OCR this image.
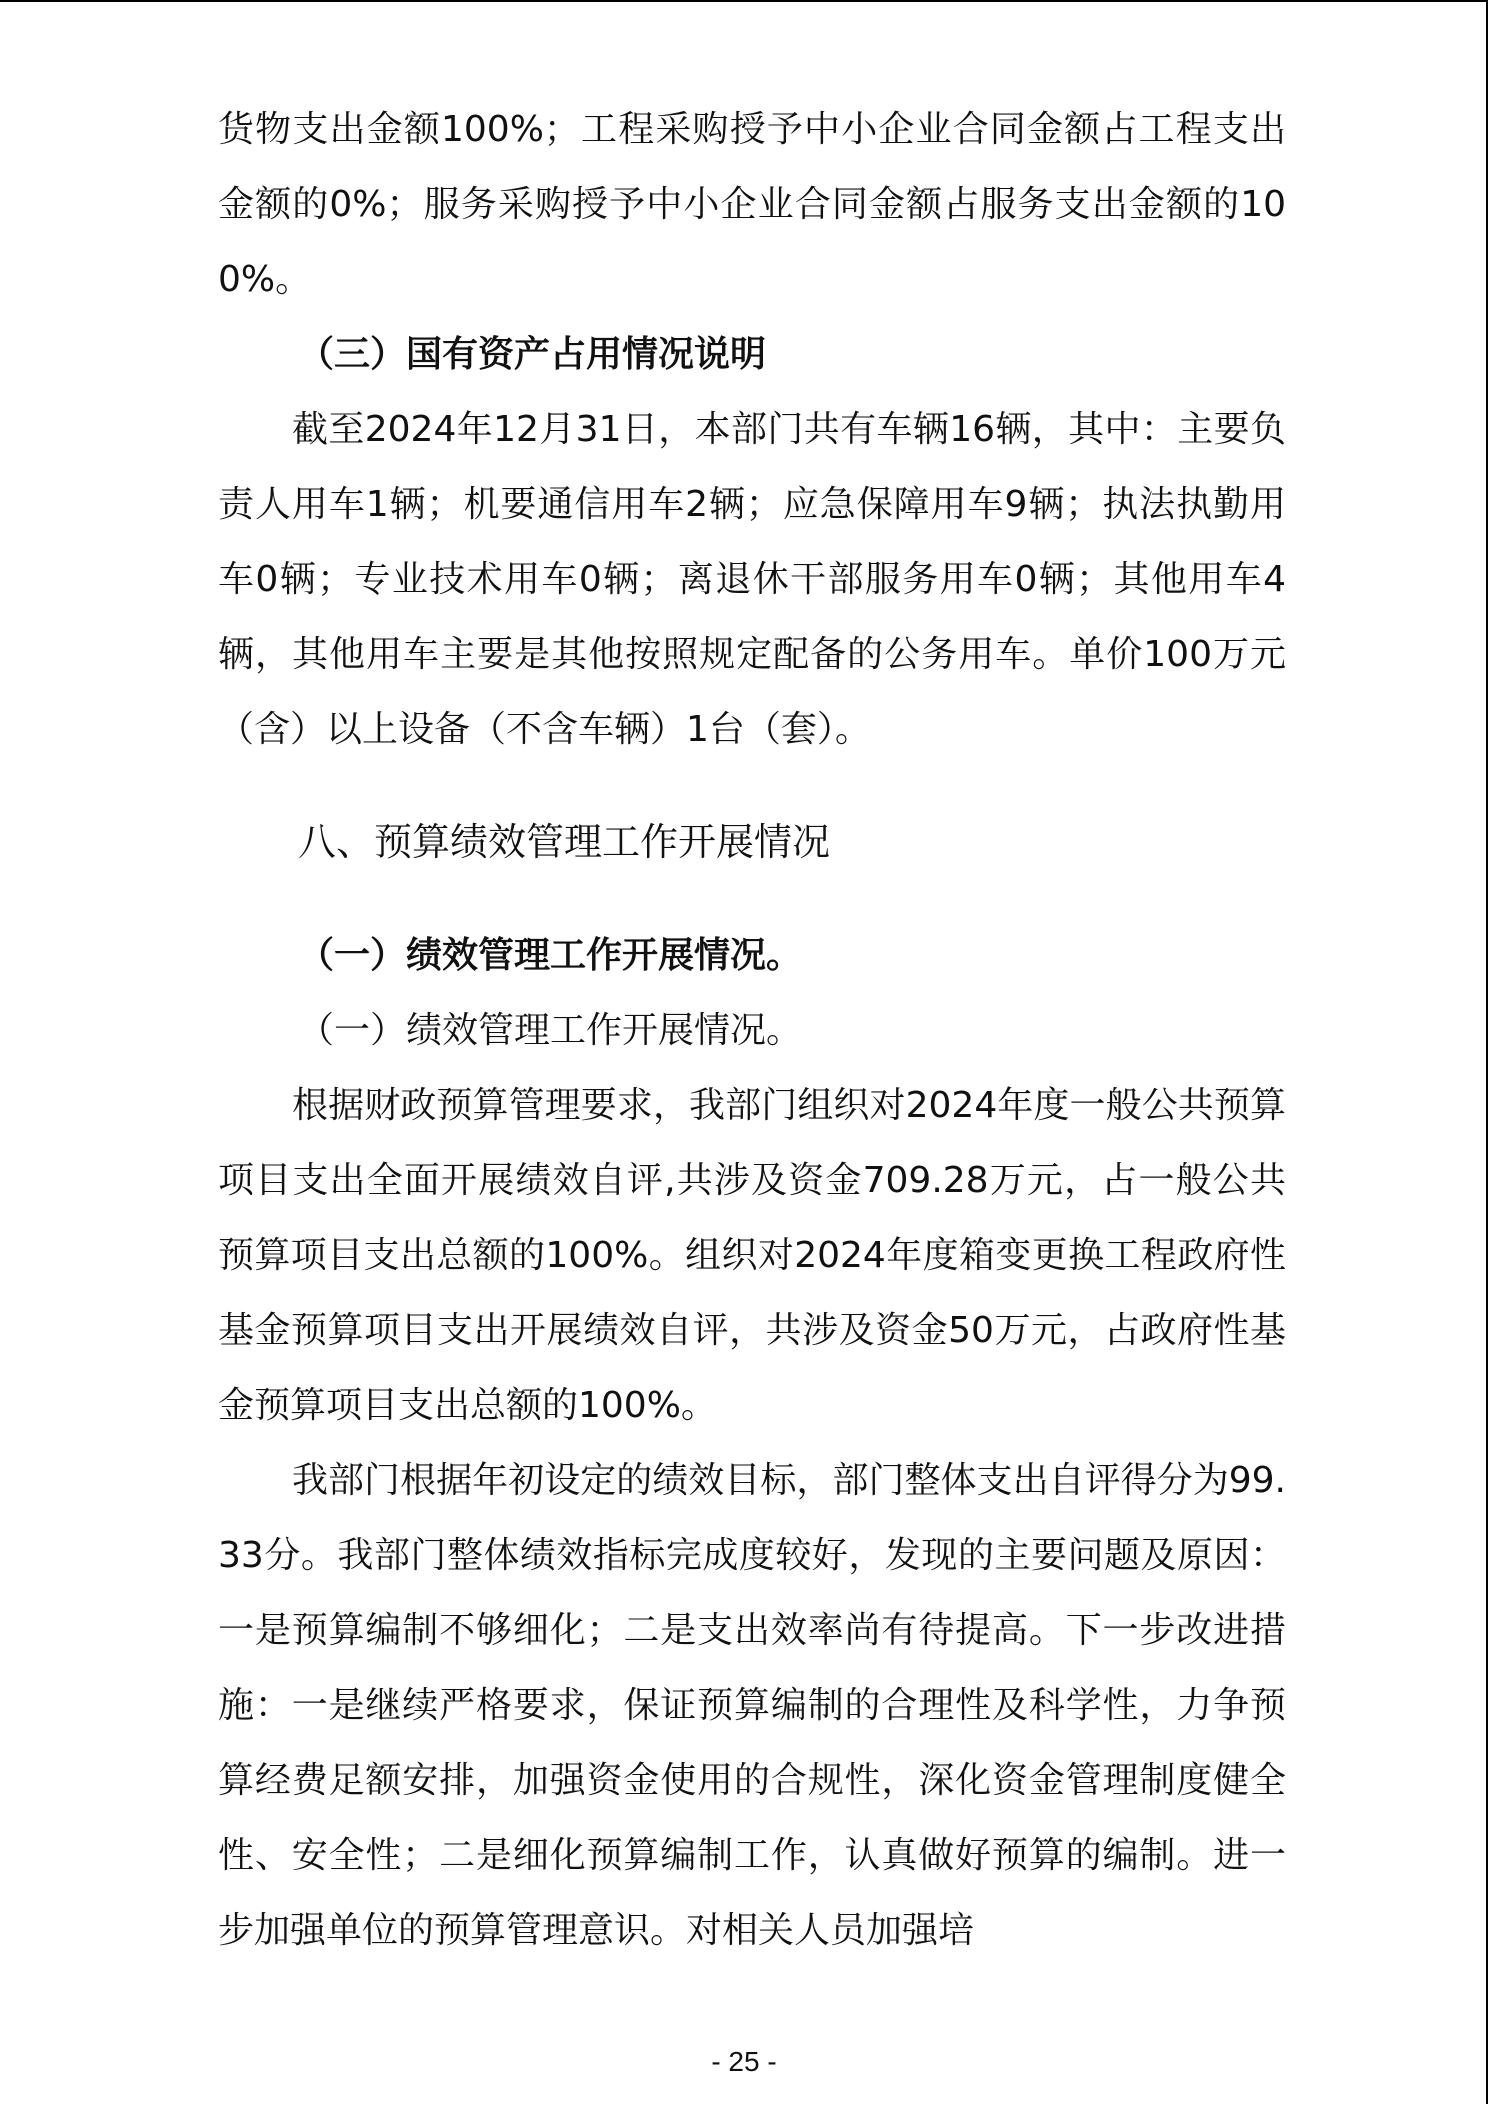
货物支出金额100%；工程采购授予中小企业合同金额占工程支出金额的0%；服务采购授予中小企业合同金额占服务支出金额的100%。

（三）国有资产占用情况说明

截至2024年12月31日，本部门共有车辆16辆，其中：主要负责人用车1辆；机要通信用车2辆；应急保障用车9辆；执法执勤用车0辆；专业技术用车0辆；离退休干部服务用车0辆；其他用车4辆，其他用车主要是其他按照规定配备的公务用车。单价100万元（含）以上设备（不含车辆）1台（套）。

八、预算绩效管理工作开展情况

（一）绩效管理工作开展情况。

（一）绩效管理工作开展情况。

根据财政预算管理要求，我部门组织对2024年度一般公共预算项目支出全面开展绩效自评,共涉及资金709.28万元，占一般公共预算项目支出总额的100%。组织对2024年度箱变更换工程政府性基金预算项目支出开展绩效自评，共涉及资金50万元，占政府性基金预算项目支出总额的100%。

我部门根据年初设定的绩效目标，部门整体支出自评得分为99.33分。我部门整体绩效指标完成度较好，发现的主要问题及原因：一是预算编制不够细化；二是支出效率尚有待提高。下一步改进措施：一是继续严格要求，保证预算编制的合理性及科学性，力争预算经费足额安排，加强资金使用的合规性，深化资金管理制度健全性、安全性；二是细化预算编制工作，认真做好预算的编制。进一步加强单位的预算管理意识。对相关人员加强培

- 25 -
